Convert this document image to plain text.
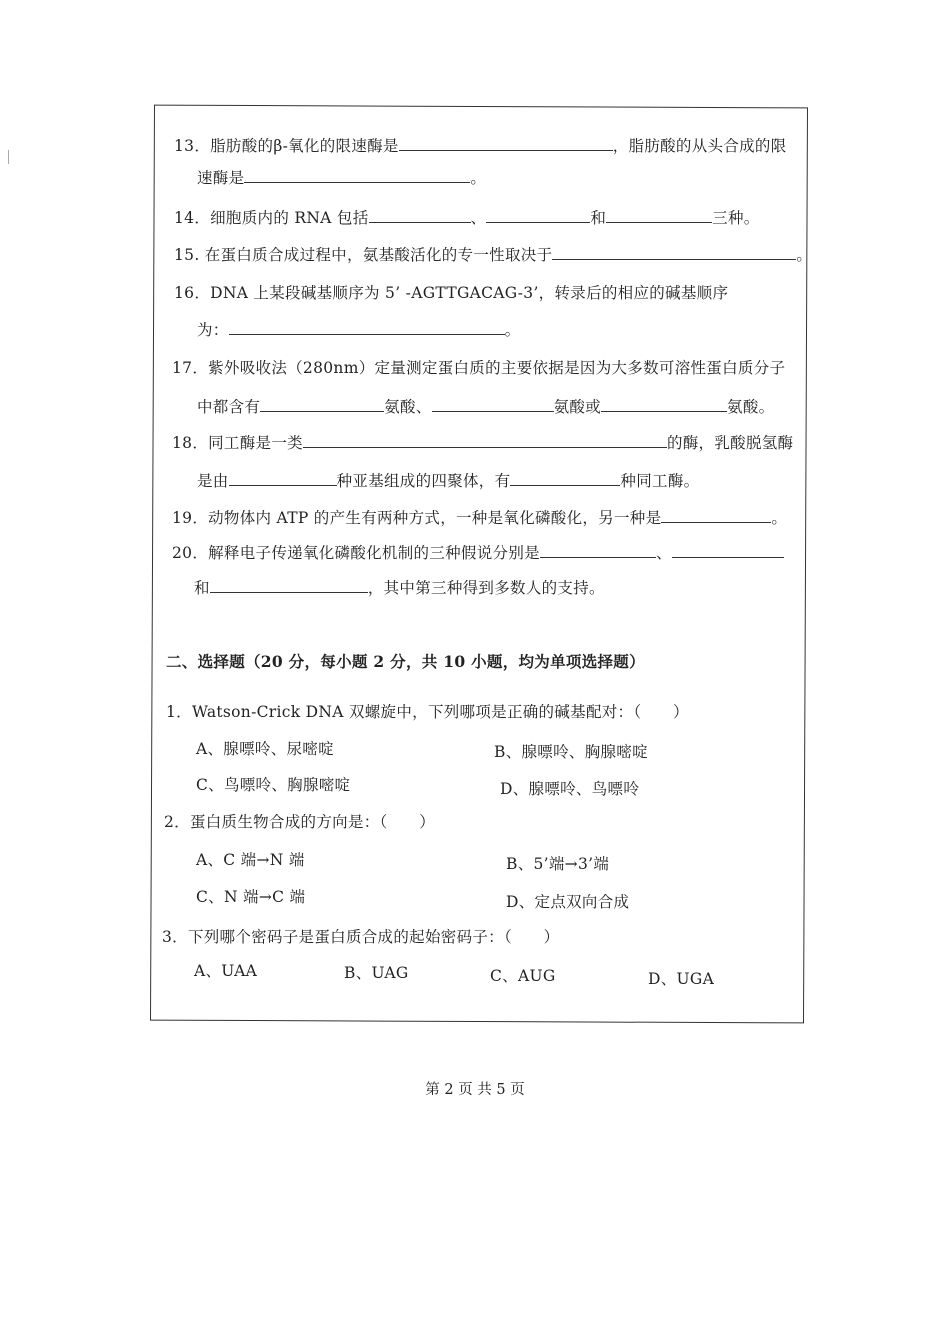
13．脂肪酸的β-氧化的限速酶是	，脂肪酸的从头合成的限
速酶是	。
14．细胞质内的 RNA 包括	、	和	三种。
15. 在蛋白质合成过程中，氨基酸活化的专一性取决于	。
16．DNA 上某段碱基顺序为 5’ -AGTTGACAG-3’，转录后的相应的碱基顺序
为：	。
17．紫外吸收法（280nm）定量测定蛋白质的主要依据是因为大多数可溶性蛋白质分子
中都含有	氨酸、	氨酸或	氨酸。
18．同工酶是一类	的酶，乳酸脱氢酶
是由	种亚基组成的四聚体，有	种同工酶。
19．动物体内 ATP 的产生有两种方式，一种是氧化磷酸化，另一种是	。
20．解释电子传递氧化磷酸化机制的三种假说分别是	、
和	，其中第三种得到多数人的支持。
二、选择题（20 分，每小题 2 分，共 10 小题，均为单项选择题）
1．Watson-Crick DNA 双螺旋中，下列哪项是正确的碱基配对：（　　）
A、腺嘌呤、尿嘧啶	B、腺嘌呤、胸腺嘧啶
C、鸟嘌呤、胸腺嘧啶	D、腺嘌呤、鸟嘌呤
2．蛋白质生物合成的方向是：（　　）
A、C 端→N 端	B、5’端→3’端
C、N 端→C 端	D、定点双向合成
3．下列哪个密码子是蛋白质合成的起始密码子：（　　）
A、UAA	B、UAG	C、AUG	D、UGA
第 2 页 共 5 页
